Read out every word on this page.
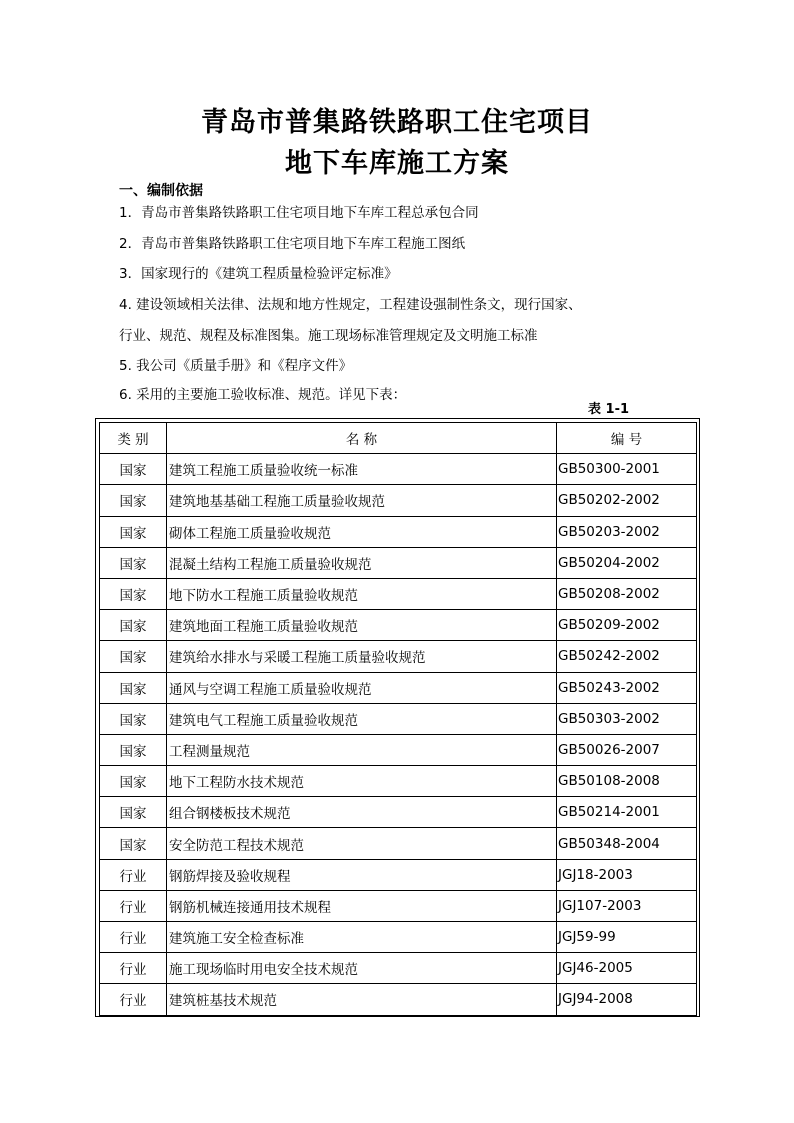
青岛市普集路铁路职工住宅项目
地下车库施工方案
一、编制依据
1．青岛市普集路铁路职工住宅项目地下车库工程总承包合同
2．青岛市普集路铁路职工住宅项目地下车库工程施工图纸
3．国家现行的《建筑工程质量检验评定标准》
4. 建设领域相关法律、法规和地方性规定，工程建设强制性条文，现行国家、
行业、规范、规程及标准图集。施工现场标准管理规定及文明施工标准
5. 我公司《质量手册》和《程序文件》
6. 采用的主要施工验收标准、规范。详见下表：
表 1-1
类 别	名 称	编 号
国家	建筑工程施工质量验收统一标准	GB50300-2001
国家	建筑地基基础工程施工质量验收规范	GB50202-2002
国家	砌体工程施工质量验收规范	GB50203-2002
国家	混凝土结构工程施工质量验收规范	GB50204-2002
国家	地下防水工程施工质量验收规范	GB50208-2002
国家	建筑地面工程施工质量验收规范	GB50209-2002
国家	建筑给水排水与采暖工程施工质量验收规范	GB50242-2002
国家	通风与空调工程施工质量验收规范	GB50243-2002
国家	建筑电气工程施工质量验收规范	GB50303-2002
国家	工程测量规范	GB50026-2007
国家	地下工程防水技术规范	GB50108-2008
国家	组合钢楼板技术规范	GB50214-2001
国家	安全防范工程技术规范	GB50348-2004
行业	钢筋焊接及验收规程	JGJ18-2003
行业	钢筋机械连接通用技术规程	JGJ107-2003
行业	建筑施工安全检查标准	JGJ59-99
行业	施工现场临时用电安全技术规范	JGJ46-2005
行业	建筑桩基技术规范	JGJ94-2008
